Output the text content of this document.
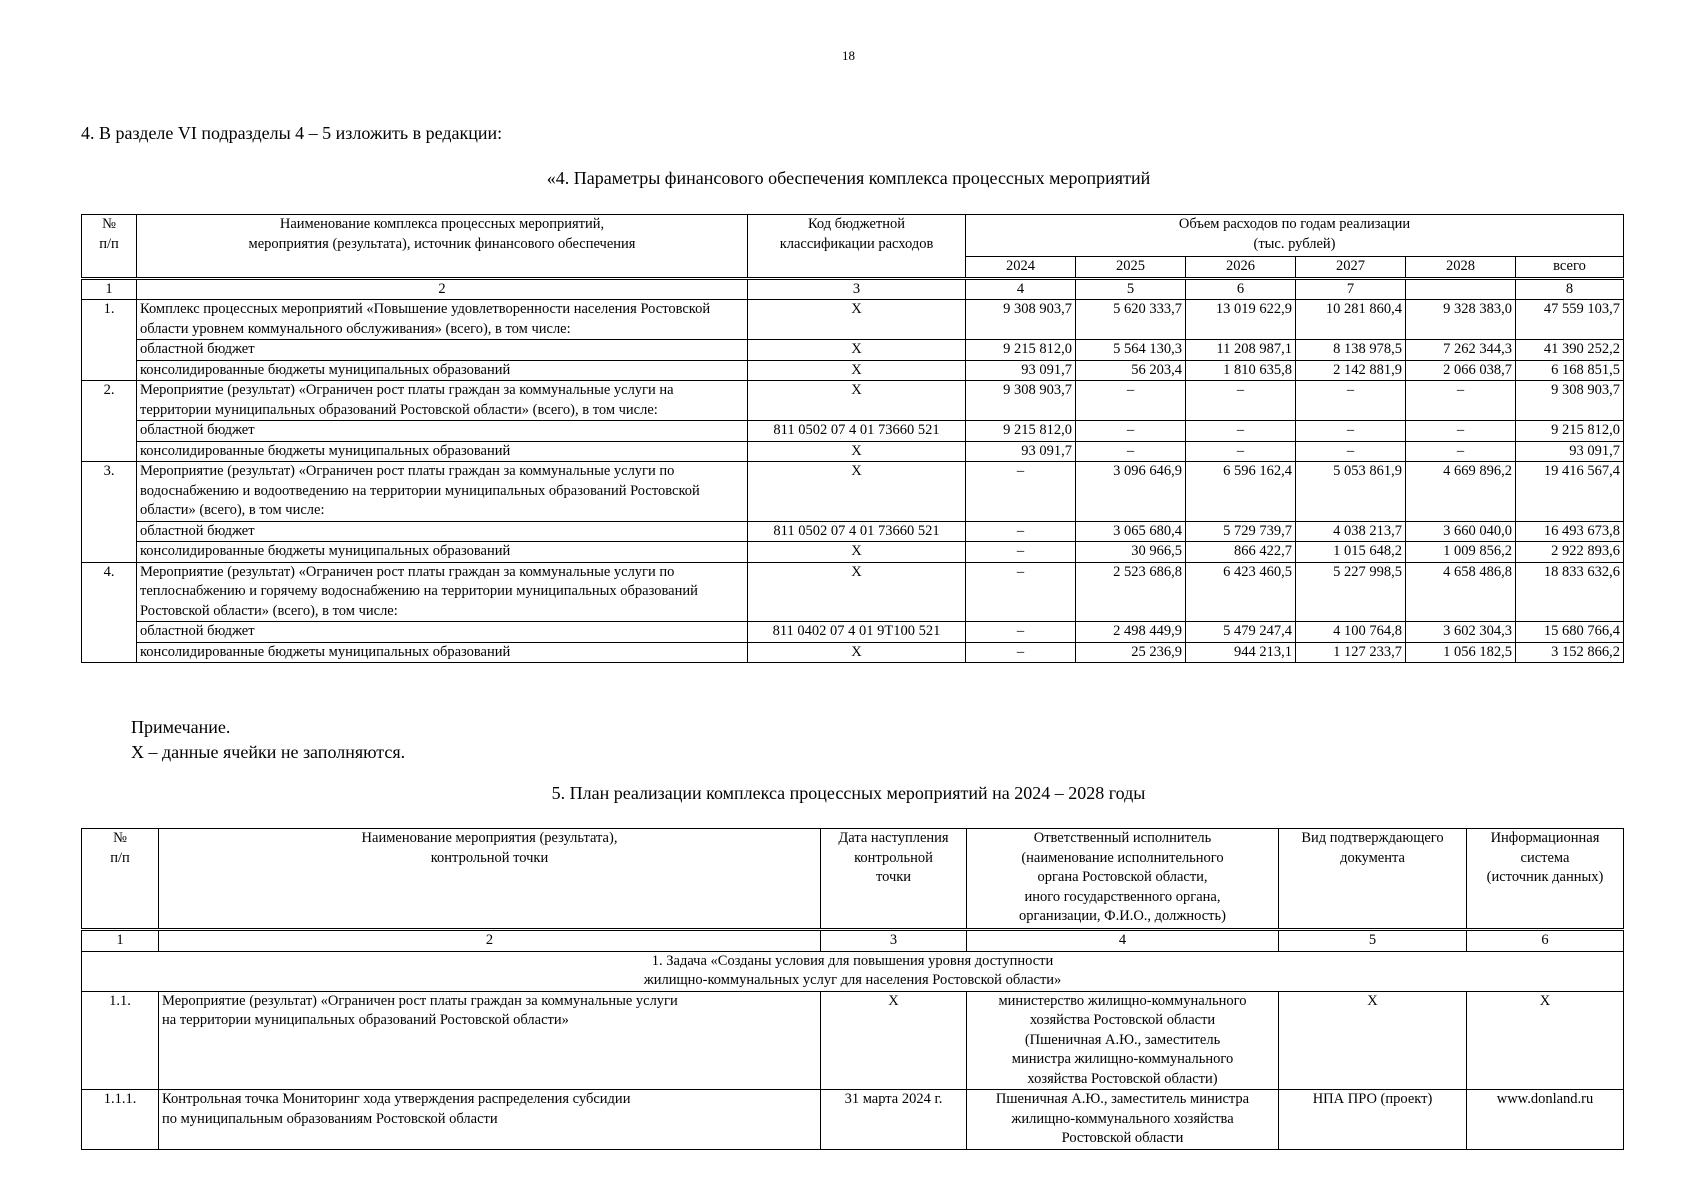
18
4. В разделе VI подразделы 4 – 5 изложить в редакции:
«4. Параметры финансового обеспечения комплекса процессных мероприятий
№
п/п	Наименование комплекса процессных мероприятий,
мероприятия (результата), источник финансового обеспечения	Код бюджетной
классификации расходов	Объем расходов по годам реализации
(тыс. рублей)					
			2024	2025	2026	2027	2028	всего
1	2	3	4	5	6	7		8
1.	Комплекс процессных мероприятий «Повышение удовлетворенности населения Ростовской области уровнем коммунального обслуживания» (всего), в том числе:	X	9 308 903,7	5 620 333,7	13 019 622,9	10 281 860,4	9 328 383,0	47 559 103,7
	областной бюджет	X	9 215 812,0	5 564 130,3	11 208 987,1	8 138 978,5	7 262 344,3	41 390 252,2
	консолидированные бюджеты муниципальных образований	X	93 091,7	56 203,4	1 810 635,8	2 142 881,9	2 066 038,7	6 168 851,5
2.	Мероприятие (результат) «Ограничен рост платы граждан за коммунальные услуги на территории муниципальных образований Ростовской области» (всего), в том числе:	X	9 308 903,7	–	–	–	–	9 308 903,7
	областной бюджет	811 0502 07 4 01 73660 521	9 215 812,0	–	–	–	–	9 215 812,0
	консолидированные бюджеты муниципальных образований	X	93 091,7	–	–	–	–	93 091,7
3.	Мероприятие (результат) «Ограничен рост платы граждан за коммунальные услуги по водоснабжению и водоотведению на территории муниципальных образований Ростовской области» (всего), в том числе:	X	–	3 096 646,9	6 596 162,4	5 053 861,9	4 669 896,2	19 416 567,4
	областной бюджет	811 0502 07 4 01 73660 521	–	3 065 680,4	5 729 739,7	4 038 213,7	3 660 040,0	16 493 673,8
	консолидированные бюджеты муниципальных образований	X	–	30 966,5	866 422,7	1 015 648,2	1 009 856,2	2 922 893,6
4.	Мероприятие (результат) «Ограничен рост платы граждан за коммунальные услуги по теплоснабжению и горячему водоснабжению на территории муниципальных образований Ростовской области» (всего), в том числе:	X	–	2 523 686,8	6 423 460,5	5 227 998,5	4 658 486,8	18 833 632,6
	областной бюджет	811 0402 07 4 01 9T100 521	–	2 498 449,9	5 479 247,4	4 100 764,8	3 602 304,3	15 680 766,4
	консолидированные бюджеты муниципальных образований	X	–	25 236,9	944 213,1	1 127 233,7	1 056 182,5	3 152 866,2
Примечание.
X – данные ячейки не заполняются.
5. План реализации комплекса процессных мероприятий на 2024 – 2028 годы
№
п/п	Наименование мероприятия (результата),
контрольной точки	Дата наступления
контрольной
точки	Ответственный исполнитель
(наименование исполнительного
органа Ростовской области,
иного государственного органа,
организации, Ф.И.О., должность)	Вид подтверждающего
документа	Информационная
система
(источник данных)
1	2	3	4	5	6
1. Задача «Созданы условия для повышения уровня доступности
жилищно-коммунальных услуг для населения Ростовской области»					
1.1.	Мероприятие (результат) «Ограничен рост платы граждан за коммунальные услуги
на территории муниципальных образований Ростовской области»	X	министерство жилищно-коммунального
хозяйства Ростовской области
(Пшеничная А.Ю., заместитель
министра жилищно-коммунального
хозяйства Ростовской области)	X	X
1.1.1.	Контрольная точка Мониторинг хода утверждения распределения субсидии
по муниципальным образованиям Ростовской области	31 марта 2024 г.	Пшеничная А.Ю., заместитель министра
жилищно-коммунального хозяйства
Ростовской области	НПА ПРО (проект)	www.donland.ru
